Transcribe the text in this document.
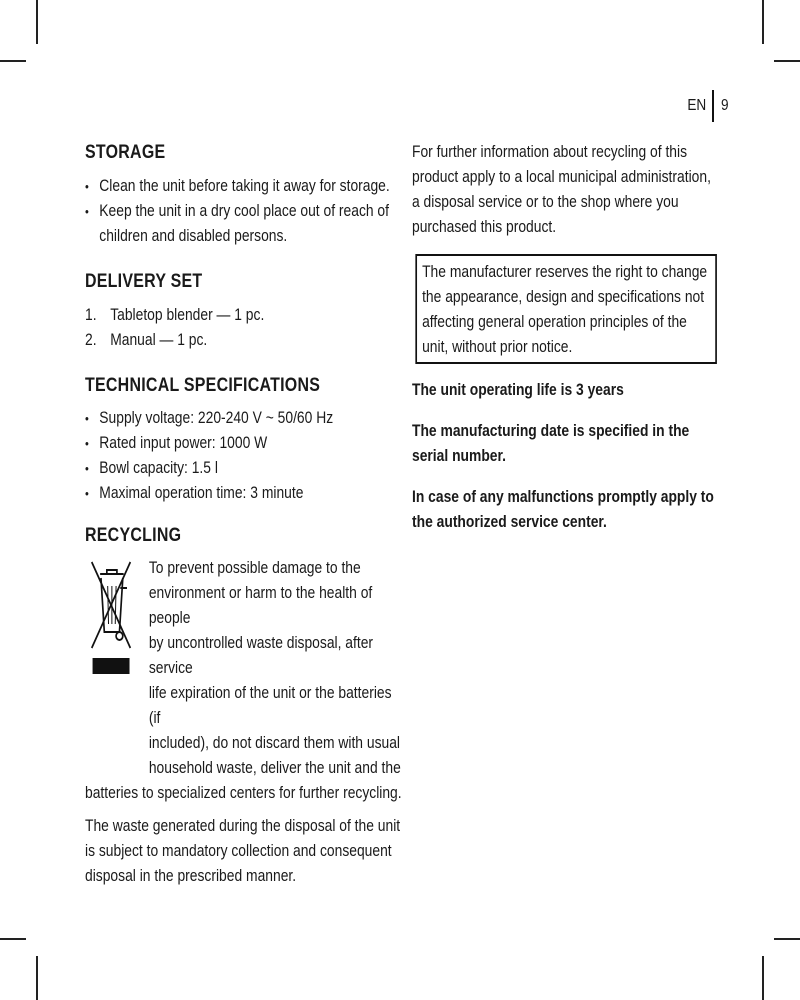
EN 9
STORAGE
• Clean the unit before taking it away for storage.
• Keep the unit in a dry cool place out of reach of children and disabled persons.
DELIVERY SET
1. Tabletop blender — 1 pc.
2. Manual — 1 pc.
TECHNICAL SPECIFICATIONS
• Supply voltage: 220-240 V ~ 50/60 Hz
• Rated input power: 1000 W
• Bowl capacity: 1.5 l
• Maximal operation time: 3 minute
RECYCLING
To prevent possible damage to the
environment or harm to the health of people
by uncontrolled waste disposal, after service
life expiration of the unit or the batteries (if
included), do not discard them with usual
household waste, deliver the unit and the
batteries to specialized centers for further recycling.

The waste generated during the disposal of the unit is subject to mandatory collection and consequent disposal in the prescribed manner.

For further information about recycling of this product apply to a local municipal administration, a disposal service or to the shop where you purchased this product.

The manufacturer reserves the right to change the appearance, design and specifications not affecting general operation principles of the unit, without prior notice.

The unit operating life is 3 years

The manufacturing date is specified in the serial number.

In case of any malfunctions promptly apply to the authorized service center.
